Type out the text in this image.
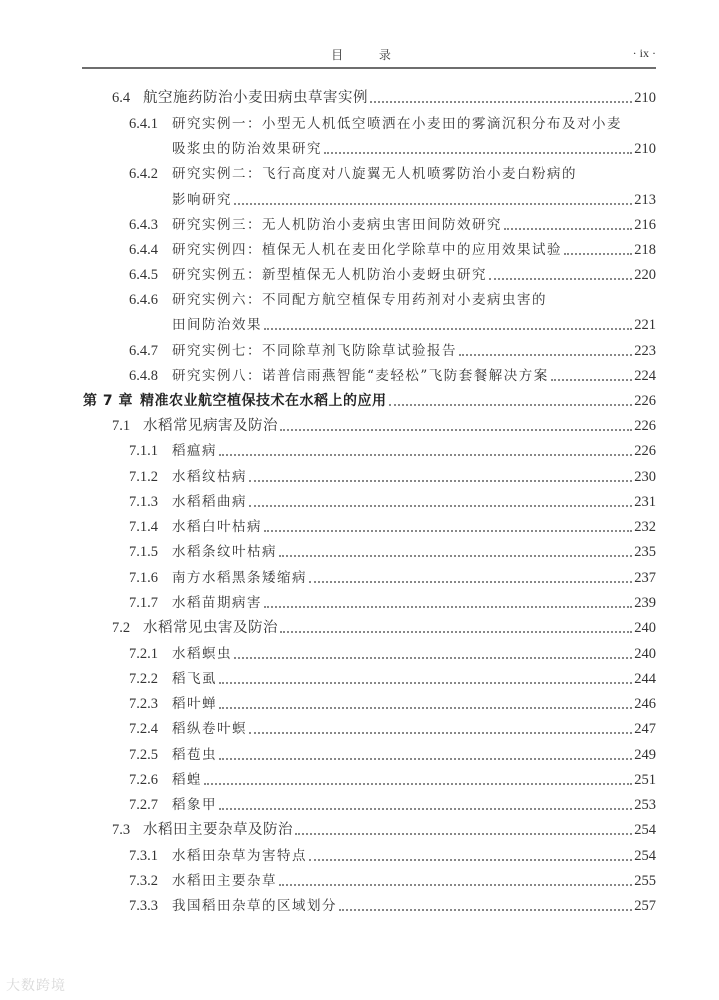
目 录	· ix ·
6.4 航空施药防治小麦田病虫草害实例	210
6.4.1	研究实例一：小型无人机低空喷洒在小麦田的雾滴沉积分布及对小麦
吸浆虫的防治效果研究	210
6.4.2	研究实例二：飞行高度对八旋翼无人机喷雾防治小麦白粉病的
影响研究	213
6.4.3	研究实例三：无人机防治小麦病虫害田间防效研究	216
6.4.4	研究实例四：植保无人机在麦田化学除草中的应用效果试验	218
6.4.5	研究实例五：新型植保无人机防治小麦蚜虫研究	220
6.4.6	研究实例六：不同配方航空植保专用药剂对小麦病虫害的
田间防治效果	221
6.4.7	研究实例七：不同除草剂飞防除草试验报告	223
6.4.8	研究实例八：诺普信雨燕智能“麦轻松”飞防套餐解决方案	224
第 7 章 精准农业航空植保技术在水稻上的应用	226
7.1 水稻常见病害及防治	226
7.1.1	稻瘟病	226
7.1.2	水稻纹枯病	230
7.1.3	水稻稻曲病	231
7.1.4	水稻白叶枯病	232
7.1.5	水稻条纹叶枯病	235
7.1.6	南方水稻黑条矮缩病	237
7.1.7	水稻苗期病害	239
7.2 水稻常见虫害及防治	240
7.2.1	水稻螟虫	240
7.2.2	稻飞虱	244
7.2.3	稻叶蝉	246
7.2.4	稻纵卷叶螟	247
7.2.5	稻苞虫	249
7.2.6	稻蝗	251
7.2.7	稻象甲	253
7.3 水稻田主要杂草及防治	254
7.3.1	水稻田杂草为害特点	254
7.3.2	水稻田主要杂草	255
7.3.3	我国稻田杂草的区域划分	257
大数跨境
